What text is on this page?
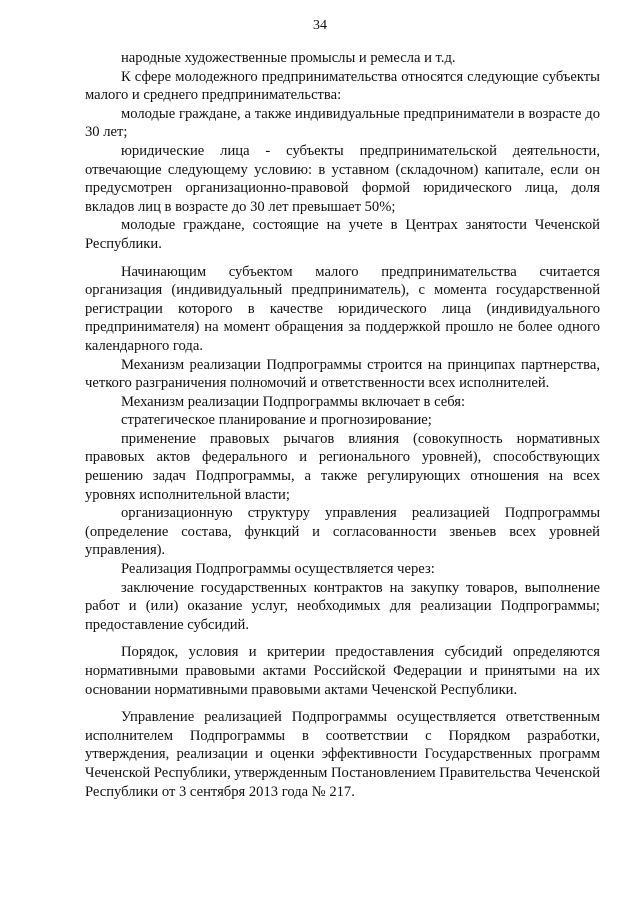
34

народные художественные промыслы и ремесла и т.д.

К сфере молодежного предпринимательства относятся следующие субъекты малого и среднего предпринимательства:

молодые граждане, а также индивидуальные предприниматели в возрасте до 30 лет;

юридические лица - субъекты предпринимательской деятельности, отвечающие следующему условию: в уставном (складочном) капитале, если он предусмотрен организационно-правовой формой юридического лица, доля вкладов лиц в возрасте до 30 лет превышает 50%;

молодые граждане, состоящие на учете в Центрах занятости Чеченской Республики.

Начинающим субъектом малого предпринимательства считается организация (индивидуальный предприниматель), с момента государственной регистрации которого в качестве юридического лица (индивидуального предпринимателя) на момент обращения за поддержкой прошло не более одного календарного года.

Механизм реализации Подпрограммы строится на принципах партнерства, четкого разграничения полномочий и ответственности всех исполнителей.

Механизм реализации Подпрограммы включает в себя:

стратегическое планирование и прогнозирование;

применение правовых рычагов влияния (совокупность нормативных правовых актов федерального и регионального уровней), способствующих решению задач Подпрограммы, а также регулирующих отношения на всех уровнях исполнительной власти;

организационную структуру управления реализацией Подпрограммы (определение состава, функций и согласованности звеньев всех уровней управления).

Реализация Подпрограммы осуществляется через:

заключение государственных контрактов на закупку товаров, выполнение работ и (или) оказание услуг, необходимых для реализации Подпрограммы; предоставление субсидий.

Порядок, условия и критерии предоставления субсидий определяются нормативными правовыми актами Российской Федерации и принятыми на их основании нормативными правовыми актами Чеченской Республики.

Управление реализацией Подпрограммы осуществляется ответственным исполнителем Подпрограммы в соответствии с Порядком разработки, утверждения, реализации и оценки эффективности Государственных программ Чеченской Республики, утвержденным Постановлением Правительства Чеченской Республики от 3 сентября 2013 года № 217.
